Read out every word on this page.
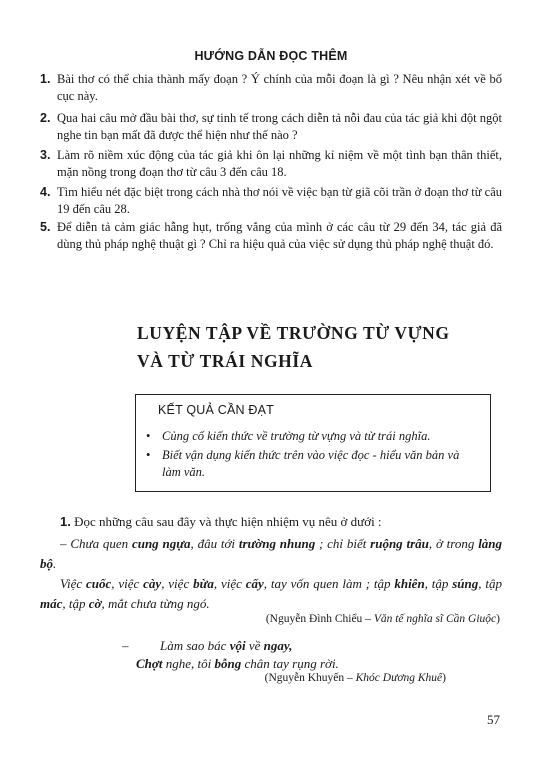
HƯỚNG DẪN ĐỌC THÊM
1. Bài thơ có thể chia thành mấy đoạn ? Ý chính của mỗi đoạn là gì ? Nêu nhận xét về bố cục này.
2. Qua hai câu mở đầu bài thơ, sự tinh tế trong cách diễn tả nỗi đau của tác giả khi đột ngột nghe tin bạn mất đã được thể hiện như thế nào ?
3. Làm rõ niềm xúc động của tác giả khi ôn lại những kỉ niệm về một tình bạn thân thiết, mặn nồng trong đoạn thơ từ câu 3 đến câu 18.
4. Tìm hiểu nét đặc biệt trong cách nhà thơ nói về việc bạn từ giã cõi trần ở đoạn thơ từ câu 19 đến câu 28.
5. Để diễn tả cảm giác hẫng hụt, trống vắng của mình ở các câu từ 29 đến 34, tác giả đã dùng thủ pháp nghệ thuật gì ? Chỉ ra hiệu quả của việc sử dụng thủ pháp nghệ thuật đó.
LUYỆN TẬP VỀ TRƯỜNG TỪ VỰNG
VÀ TỪ TRÁI NGHĨA
KẾT QUẢ CẦN ĐẠT
• Củng cố kiến thức về trường từ vựng và từ trái nghĩa.
• Biết vận dụng kiến thức trên vào việc đọc - hiểu văn bản và làm văn.
1. Đọc những câu sau đây và thực hiện nhiệm vụ nêu ở dưới :
– Chưa quen cung ngựa, đâu tới trường nhung ; chỉ biết ruộng trâu, ở trong làng bộ.
Việc cuốc, việc cày, việc bừa, việc cấy, tay vốn quen làm ; tập khiên, tập súng, tập mác, tập cờ, mắt chưa từng ngó.
(Nguyễn Đình Chiểu – Văn tế nghĩa sĩ Cần Giuộc)
– Làm sao bác vội về ngay,
Chợt nghe, tôi bỗng chân tay rụng rời.
(Nguyễn Khuyến – Khóc Dương Khuê)
57
